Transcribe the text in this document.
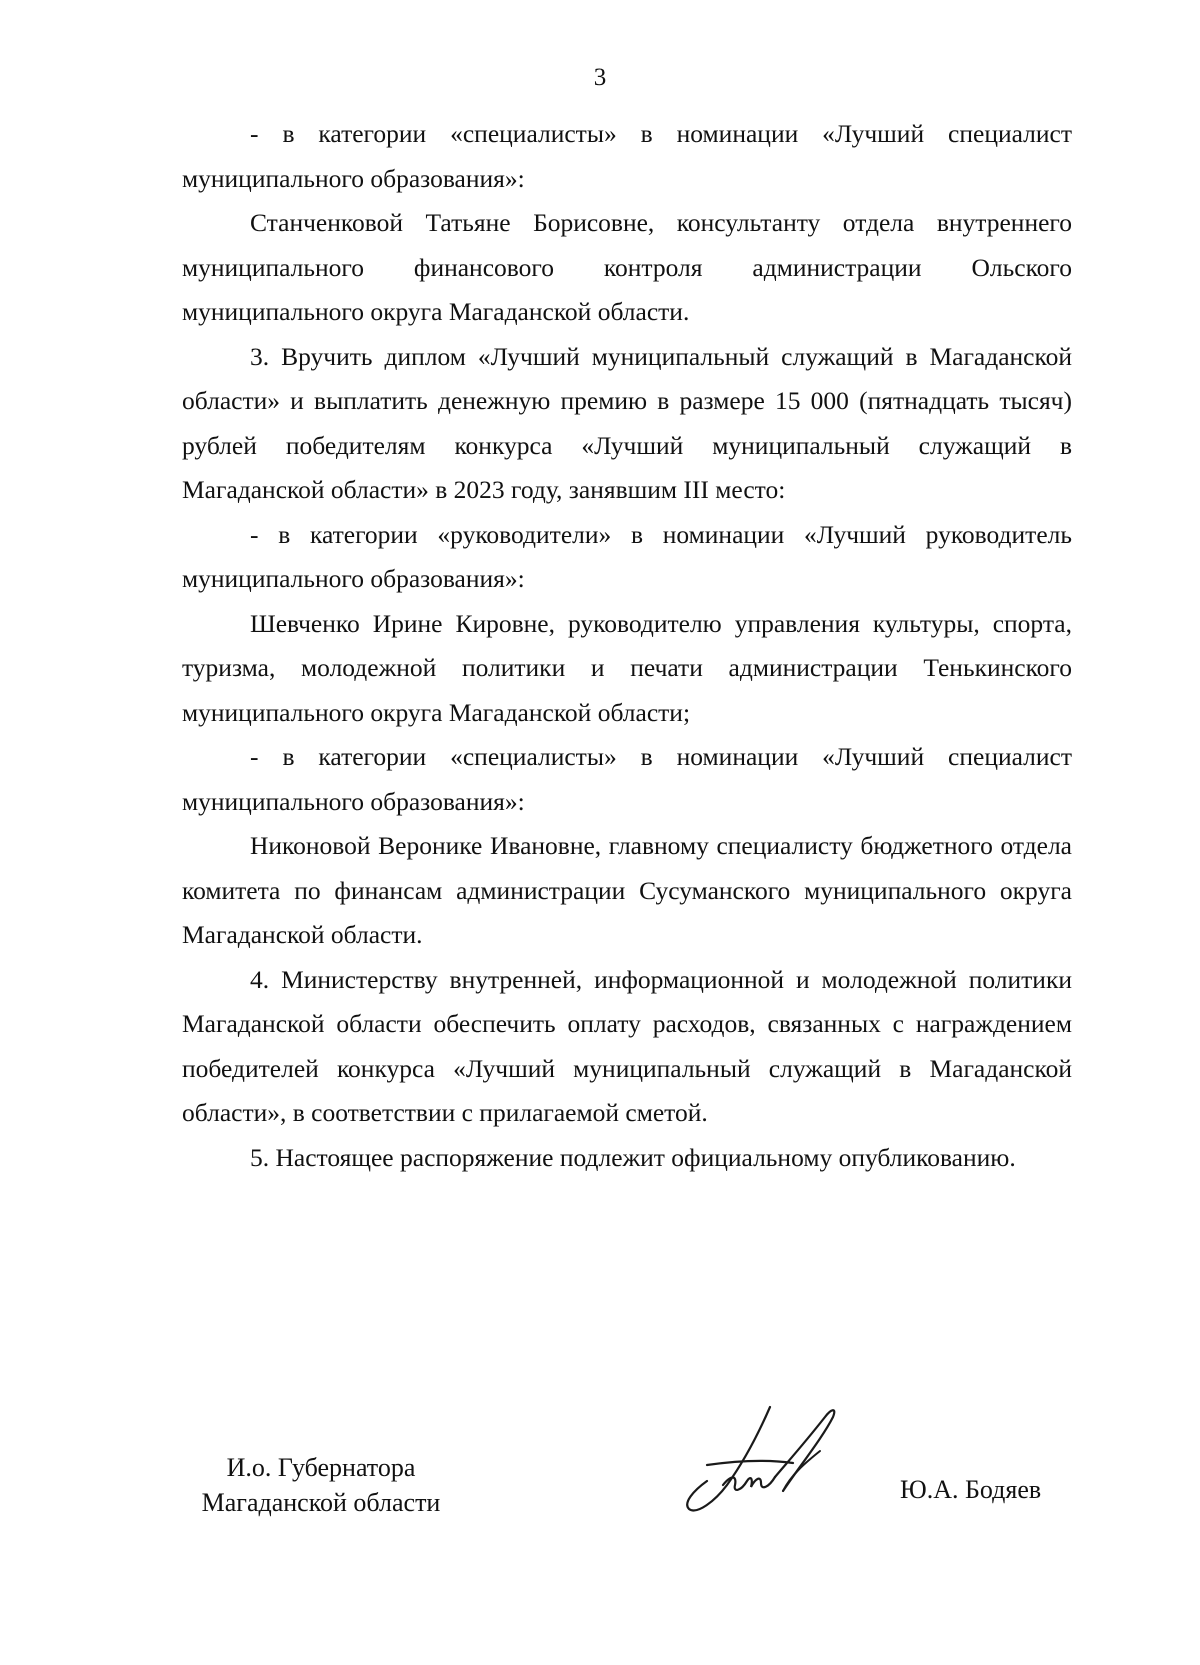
3

- в категории «специалисты» в номинации «Лучший специалист муниципального образования»:

Станченковой Татьяне Борисовне, консультанту отдела внутреннего муниципального финансового контроля администрации Ольского муниципального округа Магаданской области.

3. Вручить диплом «Лучший муниципальный служащий в Магаданской области» и выплатить денежную премию в размере 15 000 (пятнадцать тысяч) рублей победителям конкурса «Лучший муниципальный служащий в Магаданской области» в 2023 году, занявшим III место:

- в категории «руководители» в номинации «Лучший руководитель муниципального образования»:

Шевченко Ирине Кировне, руководителю управления культуры, спорта, туризма, молодежной политики и печати администрации Тенькинского муниципального округа Магаданской области;

- в категории «специалисты» в номинации «Лучший специалист муниципального образования»:

Никоновой Веронике Ивановне, главному специалисту бюджетного отдела комитета по финансам администрации Сусуманского муниципального округа Магаданской области.

4. Министерству внутренней, информационной и молодежной политики Магаданской области обеспечить оплату расходов, связанных с награждением победителей конкурса «Лучший муниципальный служащий в Магаданской области», в соответствии с прилагаемой сметой.

5. Настоящее распоряжение подлежит официальному опубликованию.

И.о. Губернатора
Магаданской области	Ю.А. Бодяев
